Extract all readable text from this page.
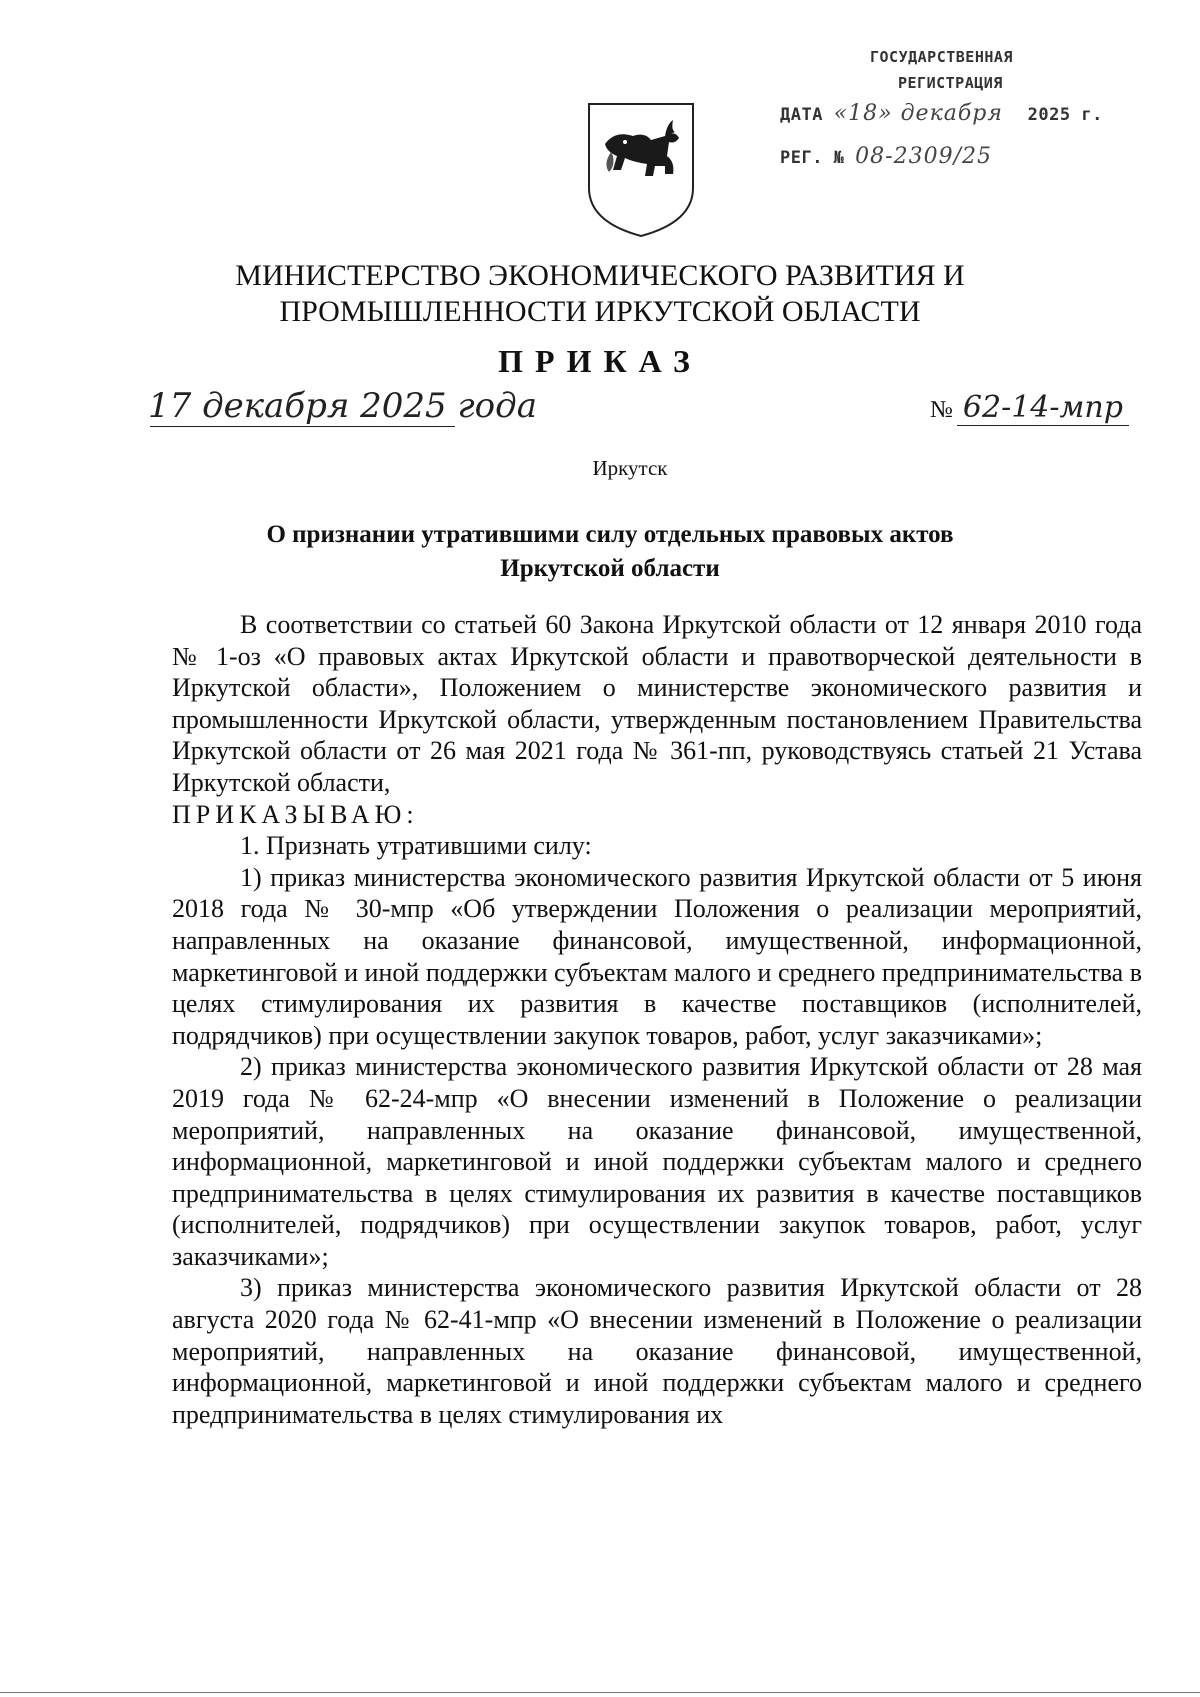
ГОСУДАРСТВЕННАЯ
РЕГИСТРАЦИЯ
ДАТА «18» декабря 2025 г.
РЕГ. № 08-2309/25
МИНИСТЕРСТВО ЭКОНОМИЧЕСКОГО РАЗВИТИЯ И
ПРОМЫШЛЕННОСТИ ИРКУТСКОЙ ОБЛАСТИ
ПРИКАЗ
17 декабря 2025 года	№ 62-14-мпр
Иркутск
О признании утратившими силу отдельных правовых актов
Иркутской области

В соответствии со статьей 60 Закона Иркутской области от 12 января 2010 года № 1-оз «О правовых актах Иркутской области и правотворческой деятельности в Иркутской области», Положением о министерстве экономического развития и промышленности Иркутской области, утвержденным постановлением Правительства Иркутской области от 26 мая 2021 года № 361-пп, руководствуясь статьей 21 Устава Иркутской области,

ПРИКАЗЫВАЮ:

1. Признать утратившими силу:

1) приказ министерства экономического развития Иркутской области от 5 июня 2018 года № 30-мпр «Об утверждении Положения о реализации мероприятий, направленных на оказание финансовой, имущественной, информационной, маркетинговой и иной поддержки субъектам малого и среднего предпринимательства в целях стимулирования их развития в качестве поставщиков (исполнителей, подрядчиков) при осуществлении закупок товаров, работ, услуг заказчиками»;

2) приказ министерства экономического развития Иркутской области от 28 мая 2019 года № 62-24-мпр «О внесении изменений в Положение о реализации мероприятий, направленных на оказание финансовой, имущественной, информационной, маркетинговой и иной поддержки субъектам малого и среднего предпринимательства в целях стимулирования их развития в качестве поставщиков (исполнителей, подрядчиков) при осуществлении закупок товаров, работ, услуг заказчиками»;

3) приказ министерства экономического развития Иркутской области от 28 августа 2020 года № 62-41-мпр «О внесении изменений в Положение о реализации мероприятий, направленных на оказание финансовой, имущественной, информационной, маркетинговой и иной поддержки субъектам малого и среднего предпринимательства в целях стимулирования их
